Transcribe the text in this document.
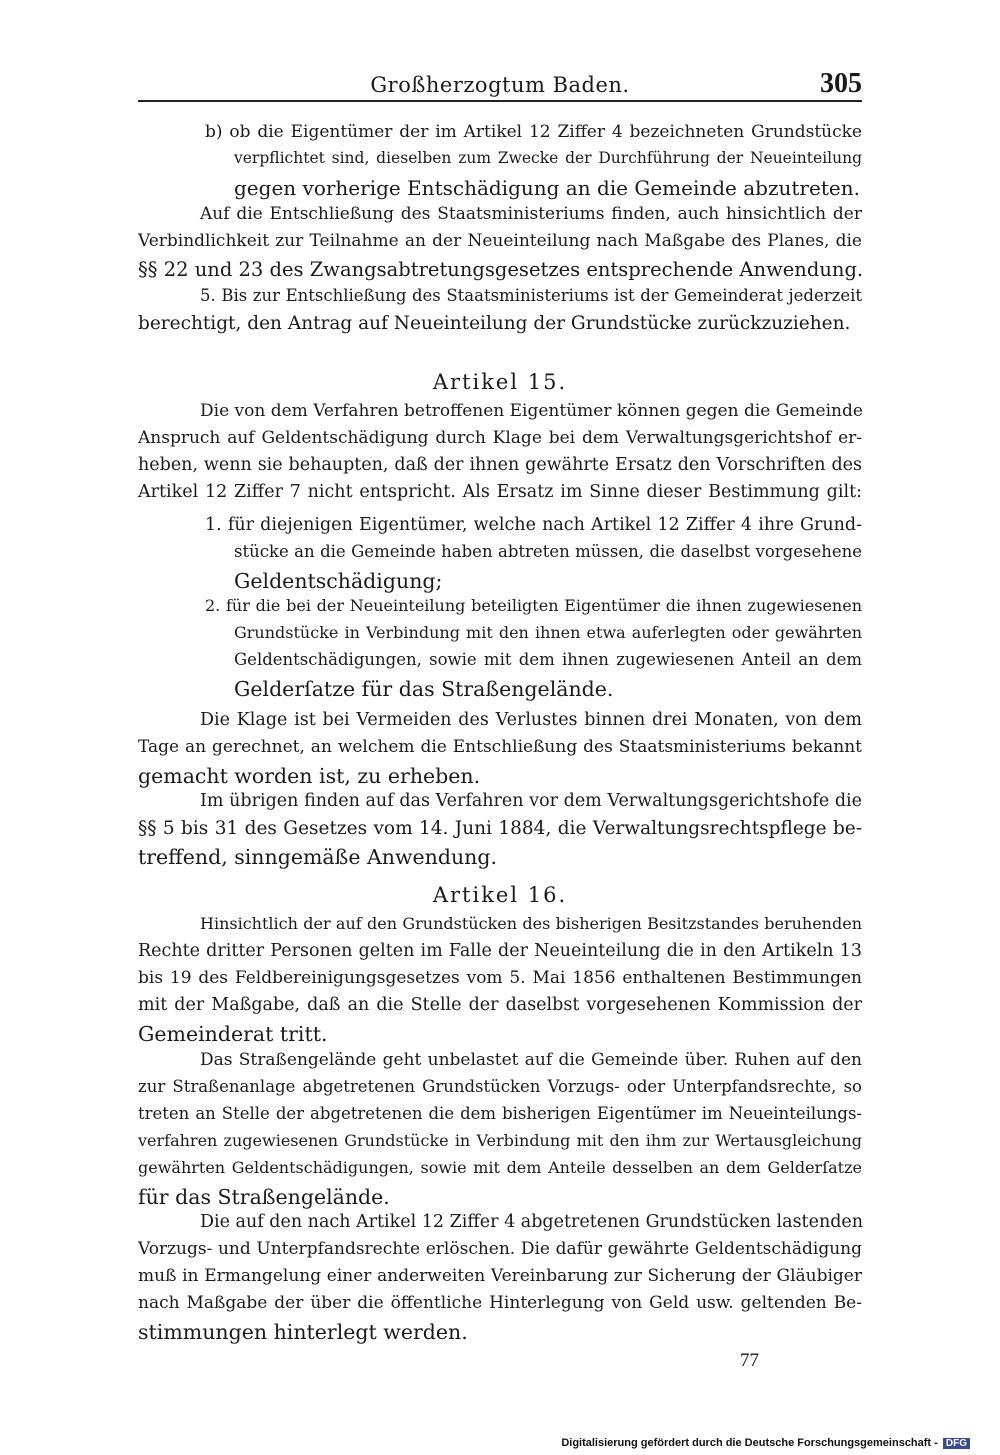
Großherzogtum Baden.	305
b) ob die Eigentümer der im Artikel 12 Ziffer 4 bezeichneten Grundstücke
verpflichtet sind, dieselben zum Zwecke der Durchführung der Neueinteilung
gegen vorherige Entschädigung an die Gemeinde abzutreten.
Auf die Entschließung des Staatsministeriums finden, auch hinsichtlich der
Verbindlichkeit zur Teilnahme an der Neueinteilung nach Maßgabe des Planes, die
§§ 22 und 23 des Zwangsabtretungsgesetzes entsprechende Anwendung.
5. Bis zur Entschließung des Staatsministeriums ist der Gemeinderat jederzeit
berechtigt, den Antrag auf Neueinteilung der Grundstücke zurückzuziehen.
Artikel 15.
Die von dem Verfahren betroffenen Eigentümer können gegen die Gemeinde
Anspruch auf Geldentschädigung durch Klage bei dem Verwaltungsgerichtshof er-
heben, wenn sie behaupten, daß der ihnen gewährte Ersatz den Vorschriften des
Artikel 12 Ziffer 7 nicht entspricht. Als Ersatz im Sinne dieser Bestimmung gilt:
1. für diejenigen Eigentümer, welche nach Artikel 12 Ziffer 4 ihre Grund-
stücke an die Gemeinde haben abtreten müssen, die daselbst vorgesehene
Geldentschädigung;
2. für die bei der Neueinteilung beteiligten Eigentümer die ihnen zugewiesenen
Grundstücke in Verbindung mit den ihnen etwa auferlegten oder gewährten
Geldentschädigungen, sowie mit dem ihnen zugewiesenen Anteil an dem
Gelderſatze für das Straßengelände.
Die Klage ist bei Vermeiden des Verlustes binnen drei Monaten, von dem
Tage an gerechnet, an welchem die Entschließung des Staatsministeriums bekannt
gemacht worden ist, zu erheben.
Im übrigen finden auf das Verfahren vor dem Verwaltungsgerichtshofe die
§§ 5 bis 31 des Gesetzes vom 14. Juni 1884, die Verwaltungsrechtspflege be-
treffend, sinngemäße Anwendung.
Artikel 16.
Hinsichtlich der auf den Grundstücken des bisherigen Besitzstandes beruhenden
Rechte dritter Personen gelten im Falle der Neueinteilung die in den Artikeln 13
bis 19 des Feldbereinigungsgesetzes vom 5. Mai 1856 enthaltenen Bestimmungen
mit der Maßgabe, daß an die Stelle der daselbst vorgesehenen Kommission der
Gemeinderat tritt.
Das Straßengelände geht unbelastet auf die Gemeinde über. Ruhen auf den
zur Straßenanlage abgetretenen Grundstücken Vorzugs- oder Unterpfandsrechte, so
treten an Stelle der abgetretenen die dem bisherigen Eigentümer im Neueinteilungs-
verfahren zugewiesenen Grundstücke in Verbindung mit den ihm zur Wertausgleichung
gewährten Geldentschädigungen, sowie mit dem Anteile desselben an dem Gelderſatze
für das Straßengelände.
Die auf den nach Artikel 12 Ziffer 4 abgetretenen Grundstücken lastenden
Vorzugs- und Unterpfandsrechte erlöschen. Die dafür gewährte Geldentschädigung
muß in Ermangelung einer anderweiten Vereinbarung zur Sicherung der Gläubiger
nach Maßgabe der über die öffentliche Hinterlegung von Geld usw. geltenden Be-
stimmungen hinterlegt werden.
77
Digitalisierung gefördert durch die Deutsche Forschungsgemeinschaft - DFG
